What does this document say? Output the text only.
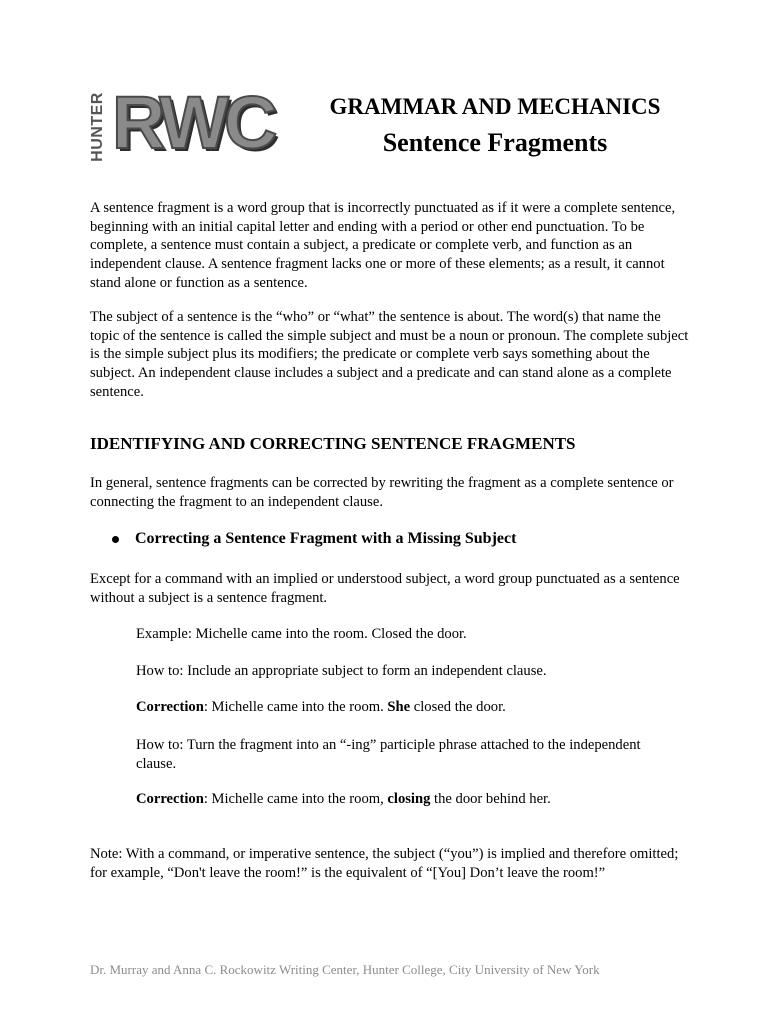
HUNTER RWC	GRAMMAR AND MECHANICS
Sentence Fragments

A sentence fragment is a word group that is incorrectly punctuated as if it were a complete sentence, beginning with an initial capital letter and ending with a period or other end punctuation. To be complete, a sentence must contain a subject, a predicate or complete verb, and function as an independent clause. A sentence fragment lacks one or more of these elements; as a result, it cannot stand alone or function as a sentence.

The subject of a sentence is the “who” or “what” the sentence is about. The word(s) that name the topic of the sentence is called the simple subject and must be a noun or pronoun. The complete subject is the simple subject plus its modifiers; the predicate or complete verb says something about the subject. An independent clause includes a subject and a predicate and can stand alone as a complete sentence.

IDENTIFYING AND CORRECTING SENTENCE FRAGMENTS

In general, sentence fragments can be corrected by rewriting the fragment as a complete sentence or connecting the fragment to an independent clause.

Correcting a Sentence Fragment with a Missing Subject

Except for a command with an implied or understood subject, a word group punctuated as a sentence without a subject is a sentence fragment.

Example: Michelle came into the room. Closed the door.

How to: Include an appropriate subject to form an independent clause.

Correction: Michelle came into the room. She closed the door.

How to: Turn the fragment into an “-ing” participle phrase attached to the independent clause.

Correction: Michelle came into the room, closing the door behind her.

Note: With a command, or imperative sentence, the subject (“you”) is implied and therefore omitted; for example, “Don't leave the room!” is the equivalent of “[You] Don’t leave the room!”

Dr. Murray and Anna C. Rockowitz Writing Center, Hunter College, City University of New York
